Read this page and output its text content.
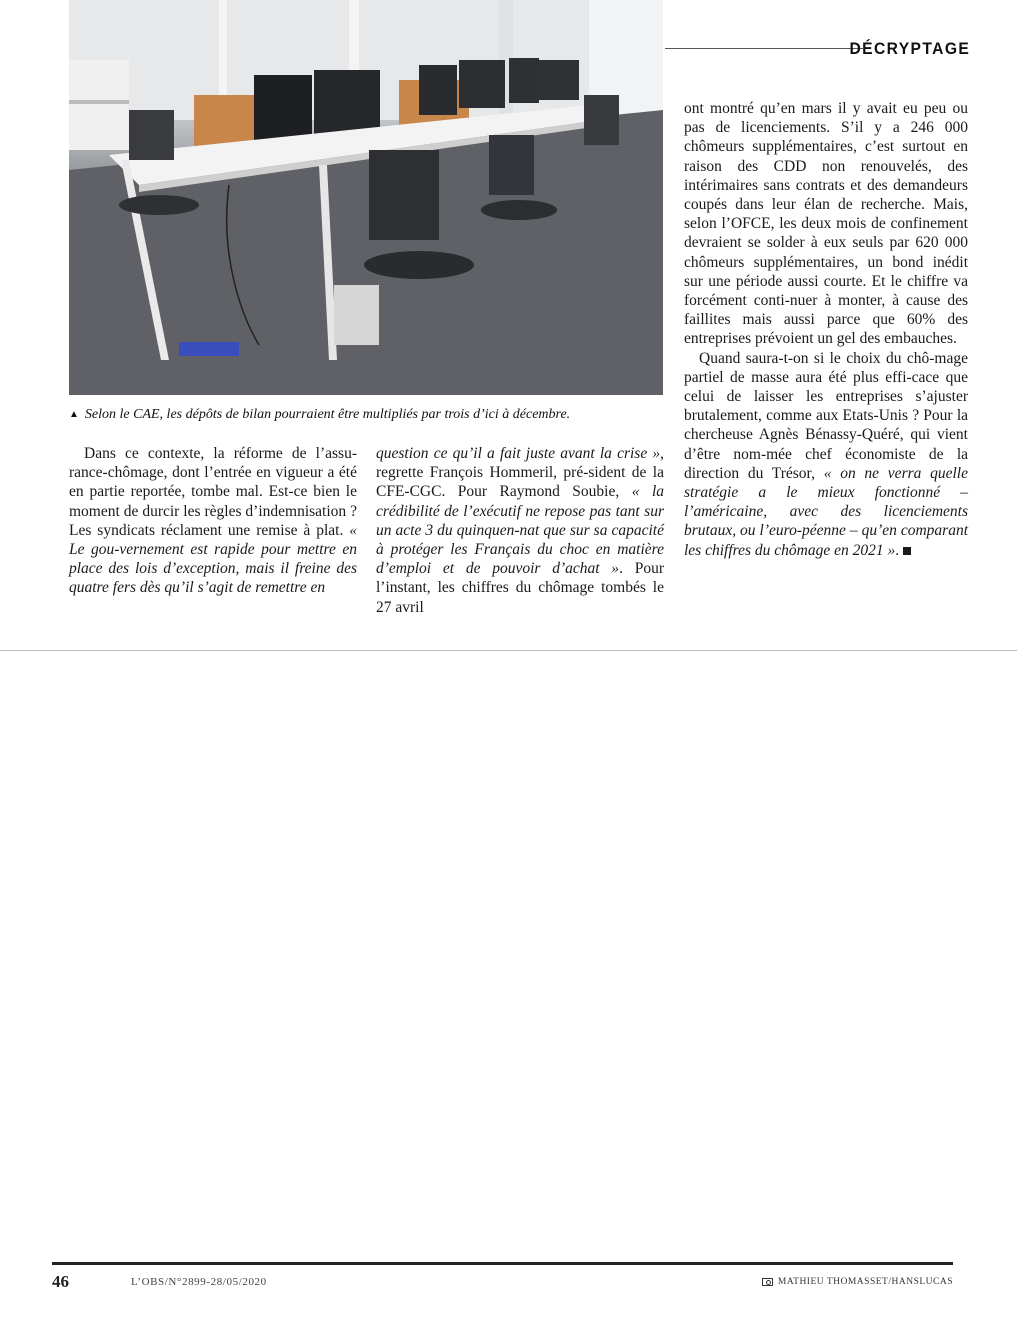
DÉCRYPTAGE
▲ Selon le CAE, les dépôts de bilan pourraient être multipliés par trois d’ici à décembre.

Dans ce contexte, la réforme de l’assu-rance-chômage, dont l’entrée en vigueur a été en partie reportée, tombe mal. Est-ce bien le moment de durcir les règles d’indemnisation ? Les syndicats réclament une remise à plat. « Le gou-vernement est rapide pour mettre en place des lois d’exception, mais il freine des quatre fers dès qu’il s’agit de remettre en

question ce qu’il a fait juste avant la crise », regrette François Hommeril, pré-sident de la CFE-CGC. Pour Raymond Soubie, « la crédibilité de l’exécutif ne repose pas tant sur un acte 3 du quinquen-nat que sur sa capacité à protéger les Français du choc en matière d’emploi et de pouvoir d’achat ». Pour l’instant, les chiffres du chômage tombés le 27 avril

ont montré qu’en mars il y avait eu peu ou pas de licenciements. S’il y a 246 000 chômeurs supplémentaires, c’est surtout en raison des CDD non renouvelés, des intérimaires sans contrats et des demandeurs coupés dans leur élan de recherche. Mais, selon l’OFCE, les deux mois de confinement devraient se solder à eux seuls par 620 000 chômeurs supplémentaires, un bond inédit sur une période aussi courte. Et le chiffre va forcément conti-nuer à monter, à cause des faillites mais aussi parce que 60% des entreprises prévoient un gel des embauches.

Quand saura-t-on si le choix du chô-mage partiel de masse aura été plus effi-cace que celui de laisser les entreprises s’ajuster brutalement, comme aux Etats-Unis ? Pour la chercheuse Agnès Bénassy-Quéré, qui vient d’être nom-mée chef économiste de la direction du Trésor, « on ne verra quelle stratégie a le mieux fonctionné – l’américaine, avec des licenciements brutaux, ou l’euro-péenne – qu’en comparant les chiffres du chômage en 2021 ».

46	L’OBS/N°2899-28/05/2020	MATHIEU THOMASSET/HANSLUCAS
